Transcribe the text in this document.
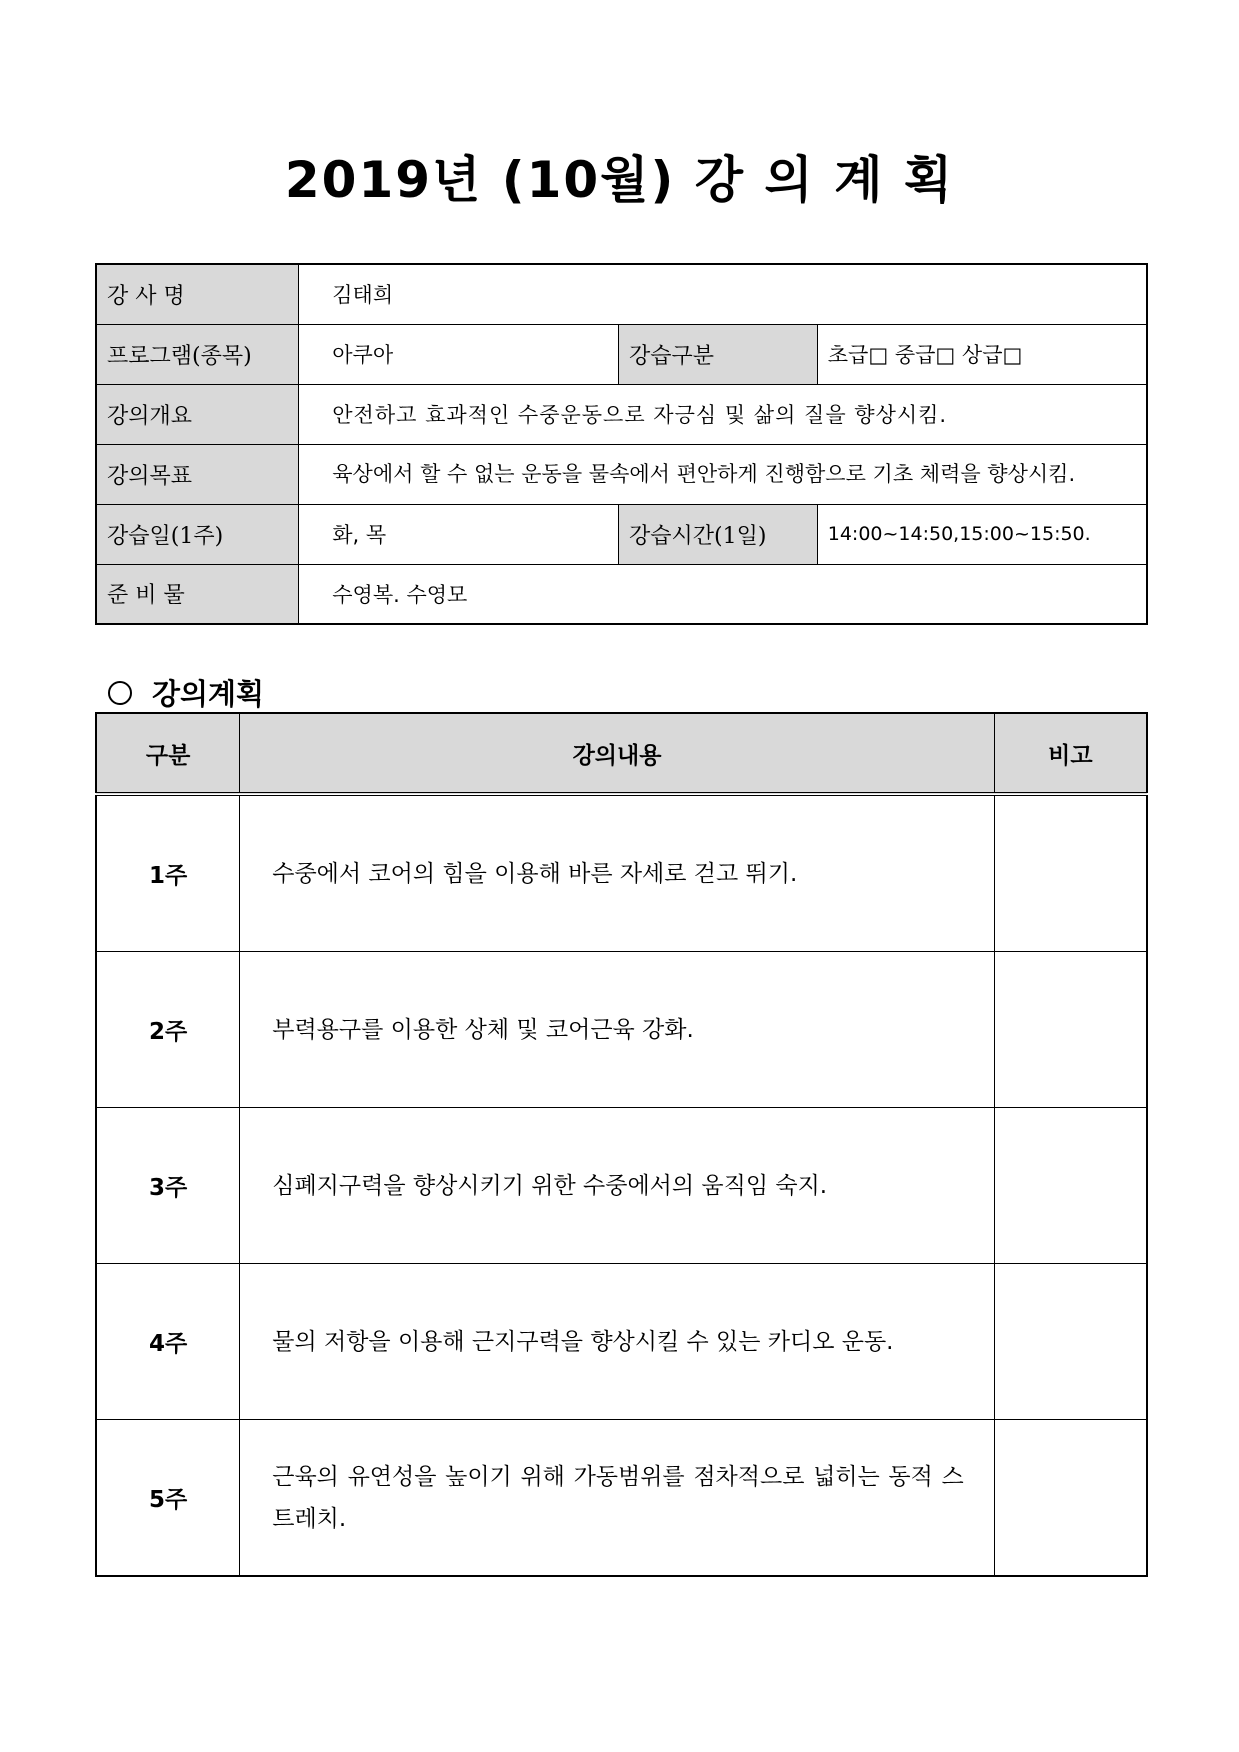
2019년 (10월) 강 의 계 획
강 사 명	김태희		
프로그램(종목)	아쿠아	강습구분	초급□ 중급□ 상급□
강의개요	안전하고 효과적인 수중운동으로 자긍심 및 삶의 질을 향상시킴.		
강의목표	육상에서 할 수 없는 운동을 물속에서 편안하게 진행함으로 기초 체력을 향상시킴.		
강습일(1주)	화, 목	강습시간(1일)	14:00~14:50,15:00~15:50.
준 비 물	수영복. 수영모		
강의계획
구분	강의내용	비고
1주	수중에서 코어의 힘을 이용해 바른 자세로 걷고 뛰기.	
2주	부력용구를 이용한 상체 및 코어근육 강화.	
3주	심폐지구력을 향상시키기 위한 수중에서의 움직임 숙지.	
4주	물의 저항을 이용해 근지구력을 향상시킬 수 있는 카디오 운동.	
5주	근육의 유연성을 높이기 위해 가동범위를 점차적으로 넓히는 동적 스트레치.	
